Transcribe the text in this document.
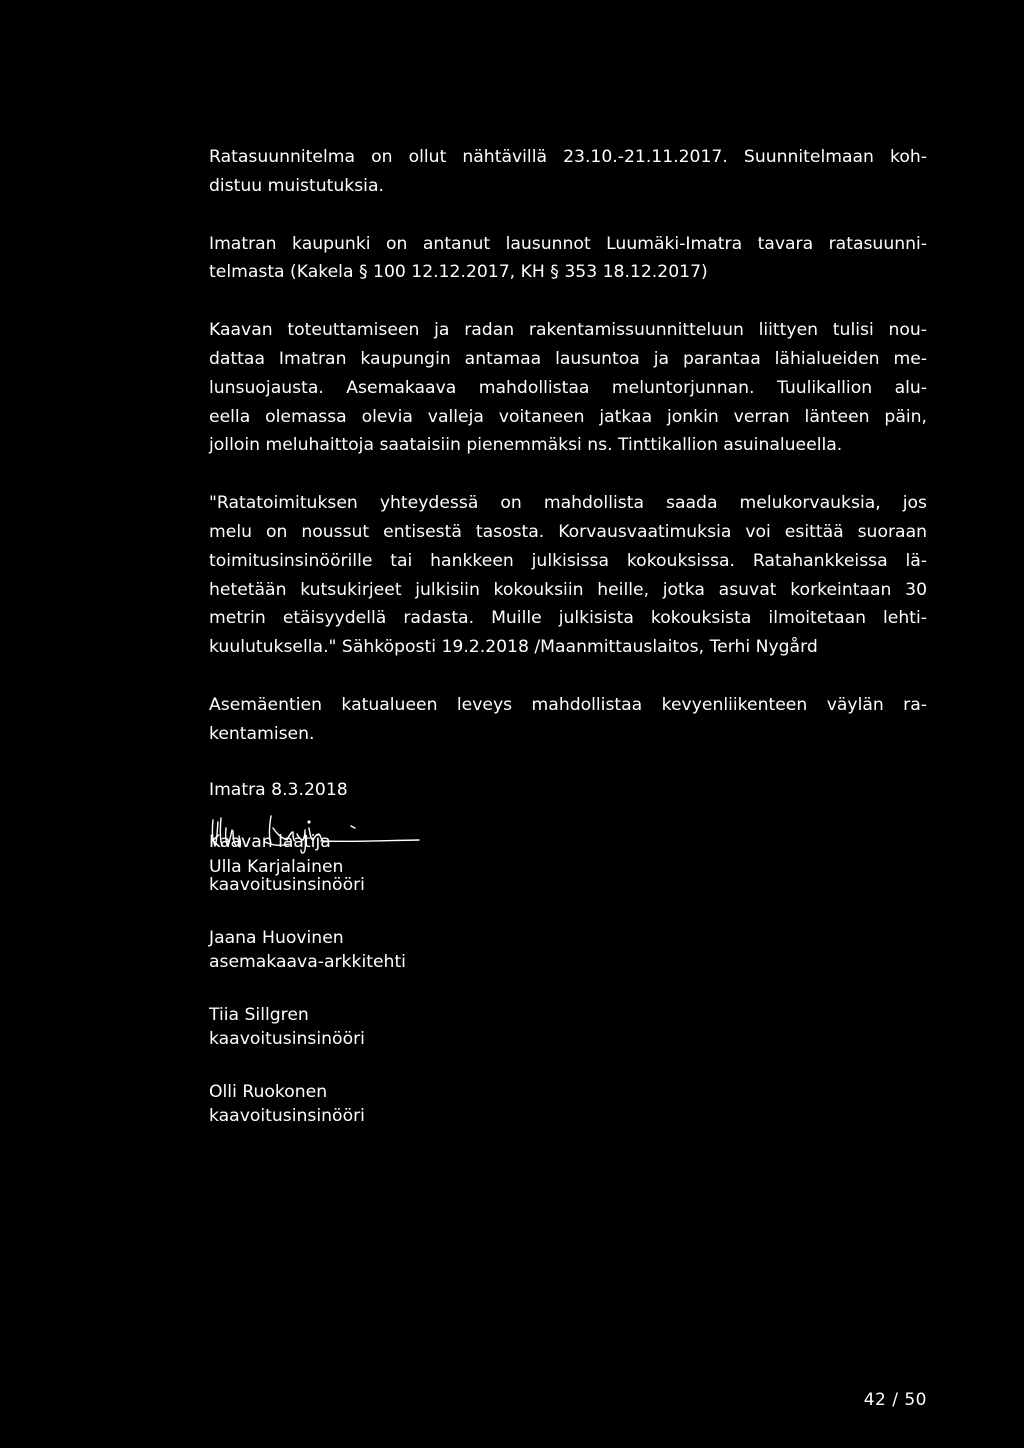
Ratasuunnitelma on ollut nähtävillä 23.10.-21.11.2017. Suunnitelmaan koh-
distuu muistutuksia.

Imatran kaupunki on antanut lausunnot Luumäki-Imatra tavara ratasuunni-
telmasta (Kakela § 100 12.12.2017, KH § 353 18.12.2017)

Kaavan toteuttamiseen ja radan rakentamissuunnitteluun liittyen tulisi nou-
dattaa Imatran kaupungin antamaa lausuntoa ja parantaa lähialueiden me-
lunsuojausta. Asemakaava mahdollistaa meluntorjunnan. Tuulikallion alu-
eella olemassa olevia valleja voitaneen jatkaa jonkin verran länteen päin,
jolloin meluhaittoja saataisiin pienemmäksi ns. Tinttikallion asuinalueella.

"Ratatoimituksen yhteydessä on mahdollista saada melukorvauksia, jos
melu on noussut entisestä tasosta. Korvausvaatimuksia voi esittää suoraan
toimitusinsinöörille tai hankkeen julkisissa kokouksissa. Ratahankkeissa lä-
hetetään kutsukirjeet julkisiin kokouksiin heille, jotka asuvat korkeintaan 30
metrin etäisyydellä radasta. Muille julkisista kokouksista ilmoitetaan lehti-
kuulutuksella." Sähköposti 19.2.2018 /Maanmittauslaitos, Terhi Nygård

Asemäentien katualueen leveys mahdollistaa kevyenliikenteen väylän ra-
kentamisen.

Imatra 8.3.2018
Kaavan laatija
Ulla Karjalainen
kaavoitusinsinööri
Jaana Huovinen
asemakaava-arkkitehti
Tiia Sillgren
kaavoitusinsinööri
Olli Ruokonen
kaavoitusinsinööri
42 / 50
